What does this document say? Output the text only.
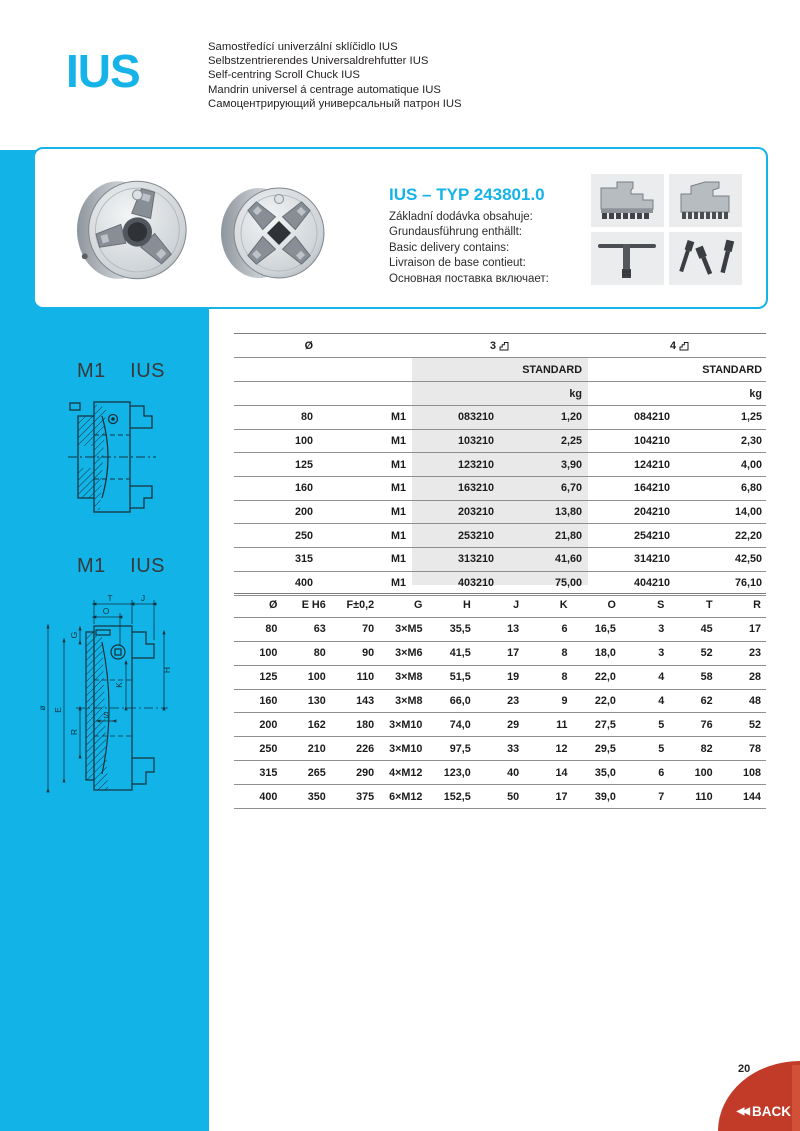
IUS	Samostředící univerzální sklíčidlo IUS
Selbstzentrierendes Universaldrehfutter IUS
Self-centring Scroll Chuck IUS
Mandrin universel á centrage automatique IUS
Самоцентрирующий универсальный патрон IUS
IUS – TYP 243801.0
Základní dodávka obsahuje:
Grundausführung enthällt:
Basic delivery contains:
Livraison de base contieut:
Основная поставка включает:
Ø	3	4
STANDARD	STANDARD
kg	kg
80	M1	083210	1,20	084210	1,25
100	M1	103210	2,25	104210	2,30
125	M1	123210	3,90	124210	4,00
160	M1	163210	6,70	164210	6,80
200	M1	203210	13,80	204210	14,00
250	M1	253210	21,80	254210	22,20
315	M1	313210	41,60	314210	42,50
400	M1	403210	75,00	404210	76,10
Ø	E H6	F±0,2	G	H	J	K	O	S	T	R
80	63	70	3×M5	35,5	13	6	16,5	3	45	17
100	80	90	3×M6	41,5	17	8	18,0	3	52	23
125	100	110	3×M8	51,5	19	8	22,0	4	58	28
160	130	143	3×M8	66,0	23	9	22,0	4	62	48
200	162	180	3×M10	74,0	29	11	27,5	5	76	52
250	210	226	3×M10	97,5	33	12	29,5	5	82	78
315	265	290	4×M12	123,0	40	14	35,0	6	100	108
400	350	375	6×M12	152,5	50	17	39,0	7	110	144
M1 IUS
M1 IUS
T	J
O
G
H
K
S
R
E
ø
20
◀◀ BACK
